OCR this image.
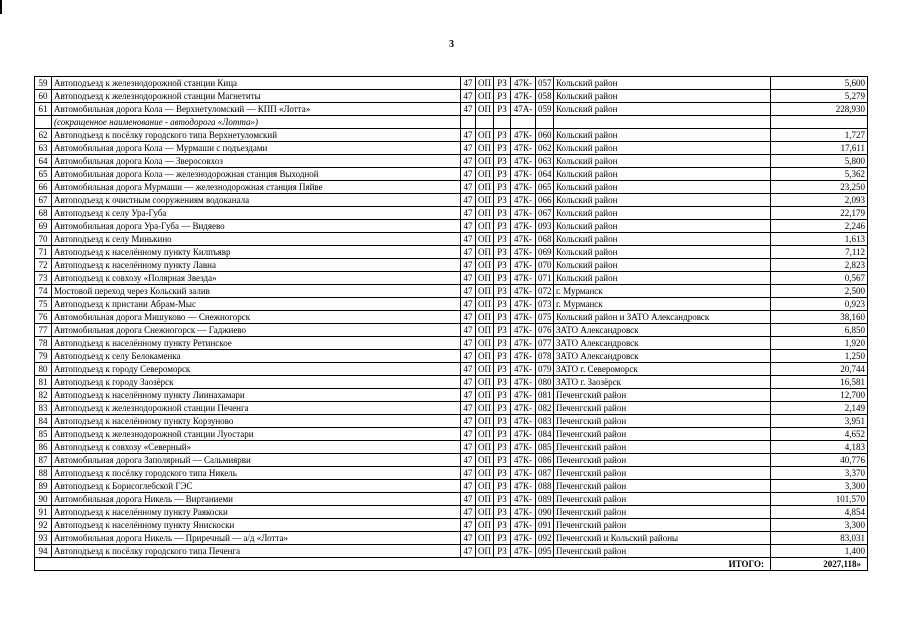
3
59	Автоподъезд к железнодорожной станции Кица	47	ОП	РЗ	47К-	057	Кольский район	5,600
60	Автоподъезд к железнодорожной станции Магнетиты	47	ОП	РЗ	47К-	058	Кольский район	5,279
61	Автомобильная дорога Кола — Верхнетуломский — КПП «Лотта»	47	ОП	РЗ	47А-	059	Кольский район	228,930
	(сокращенное наименование - автодорога «Лотта»)							
62	Автоподъезд к посёлку городского типа Верхнетуломский	47	ОП	РЗ	47К-	060	Кольский район	1,727
63	Автомобильная дорога Кола — Мурмаши с подъездами	47	ОП	РЗ	47К-	062	Кольский район	17,611
64	Автомобильная дорога Кола — Зверосовхоз	47	ОП	РЗ	47К-	063	Кольский район	5,800
65	Автомобильная дорога Кола — железнодорожная станция Выходной	47	ОП	РЗ	47К-	064	Кольский район	5,362
66	Автомобильная дорога Мурмаши — железнодорожная станция Пяйве	47	ОП	РЗ	47К-	065	Кольский район	23,250
67	Автоподъезд к очистным сооружениям водоканала	47	ОП	РЗ	47К-	066	Кольский район	2,093
68	Автоподъезд к селу Ура-Губа	47	ОП	РЗ	47К-	067	Кольский район	22,179
69	Автомобильная дорога Ура-Губа — Видяево	47	ОП	РЗ	47К-	093	Кольский район	2,246
70	Автоподъезд к селу Минькино	47	ОП	РЗ	47К-	068	Кольский район	1,613
71	Автоподъезд к населённому пункту Килпъявр	47	ОП	РЗ	47К-	069	Кольский район	7,112
72	Автоподъезд к населённому пункту Лавна	47	ОП	РЗ	47К-	070	Кольский район	2,823
73	Автоподъезд к совхозу «Полярная Звезда»	47	ОП	РЗ	47К-	071	Кольский район	0,567
74	Мостовой переход через Кольский залив	47	ОП	РЗ	47К-	072	г. Мурманск	2,500
75	Автоподъезд к пристани Абрам-Мыс	47	ОП	РЗ	47К-	073	г. Мурманск	0,923
76	Автомобильная дорога Мишуково — Снежногорск	47	ОП	РЗ	47К-	075	Кольский район и ЗАТО Александровск	38,160
77	Автомобильная дорога Снежногорск — Гаджиево	47	ОП	РЗ	47К-	076	ЗАТО Александровск	6,850
78	Автоподъезд к населённому пункту Ретинское	47	ОП	РЗ	47К-	077	ЗАТО Александровск	1,920
79	Автоподъезд к селу Белокаменка	47	ОП	РЗ	47К-	078	ЗАТО Александровск	1,250
80	Автоподъезд к городу Североморск	47	ОП	РЗ	47К-	079	ЗАТО г. Североморск	20,744
81	Автоподъезд к городу Заозёрск	47	ОП	РЗ	47К-	080	ЗАТО г. Заозёрск	16,581
82	Автоподъезд к населённому пункту Лиинахамари	47	ОП	РЗ	47К-	081	Печенгский район	12,700
83	Автоподъезд к железнодорожной станции Печенга	47	ОП	РЗ	47К-	082	Печенгский район	2,149
84	Автоподъезд к населённому пункту Корзуново	47	ОП	РЗ	47К-	083	Печенгский район	3,951
85	Автоподъезд к железнодорожной станции Луостари	47	ОП	РЗ	47К-	084	Печенгский район	4,652
86	Автоподъезд к совхозу «Северный»	47	ОП	РЗ	47К-	085	Печенгский район	4,183
87	Автомобильная дорога Заполярный — Сальмиярви	47	ОП	РЗ	47К-	086	Печенгский район	40,776
88	Автоподъезд к посёлку городского типа Никель	47	ОП	РЗ	47К-	087	Печенгский район	3,370
89	Автоподъезд к Борисоглебской ГЭС	47	ОП	РЗ	47К-	088	Печенгский район	3,300
90	Автомобильная дорога Никель — Виртаниеми	47	ОП	РЗ	47К-	089	Печенгский район	101,570
91	Автоподъезд к населённому пункту Раякоски	47	ОП	РЗ	47К-	090	Печенгский район	4,854
92	Автоподъезд к населённому пункту Янискоски	47	ОП	РЗ	47К-	091	Печенгский район	3,300
93	Автомобильная дорога Никель — Приречный — а/д «Лотта»	47	ОП	РЗ	47К-	092	Печенгский и Кольский районы	83,031
94	Автоподъезд к посёлку городского типа Печенга	47	ОП	РЗ	47К-	095	Печенгский район	1,400
ИТОГО:								2027,118»
